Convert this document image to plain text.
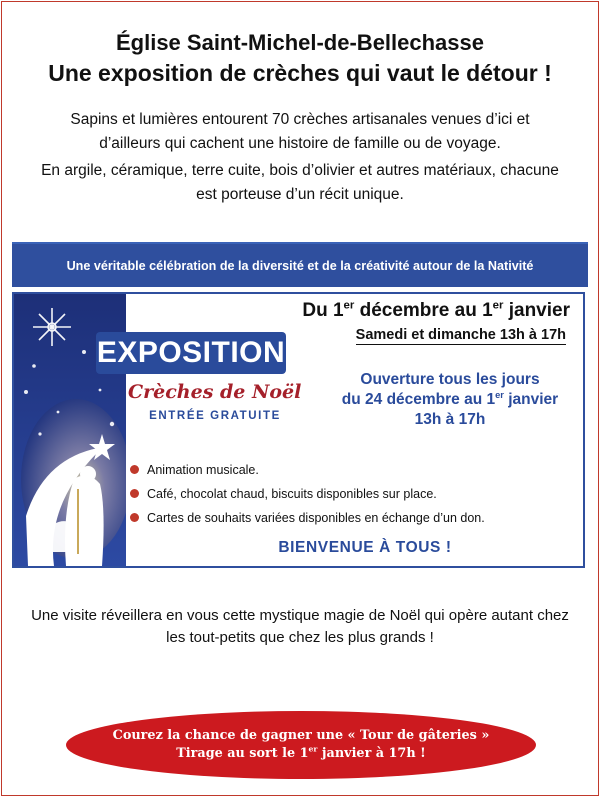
Église Saint-Michel-de-Bellechasse
Une exposition de crèches qui vaut le détour !
Sapins et lumières entourent 70 crèches artisanales venues d’ici et d’ailleurs qui cachent une histoire de famille ou de voyage.
En argile, céramique, terre cuite, bois d’olivier et autres matériaux, chacune est porteuse d’un récit unique.
Une véritable célébration de la diversité et de la créativité autour de la Nativité
Du 1er décembre au 1er janvier
Samedi et dimanche 13h à 17h
EXPOSITION
Crèches de Noël
ENTRÉE GRATUITE
Ouverture tous les jours
du 24 décembre au 1er janvier
13h à 17h
Animation musicale.
Café, chocolat chaud, biscuits disponibles sur place.
Cartes de souhaits variées disponibles en échange d’un don.
BIENVENUE À TOUS !
Une visite réveillera en vous cette mystique magie de Noël qui opère autant chez les tout-petits que chez les plus grands !
Courez la chance de gagner une « Tour de gâteries »
Tirage au sort le 1er janvier à 17h !
